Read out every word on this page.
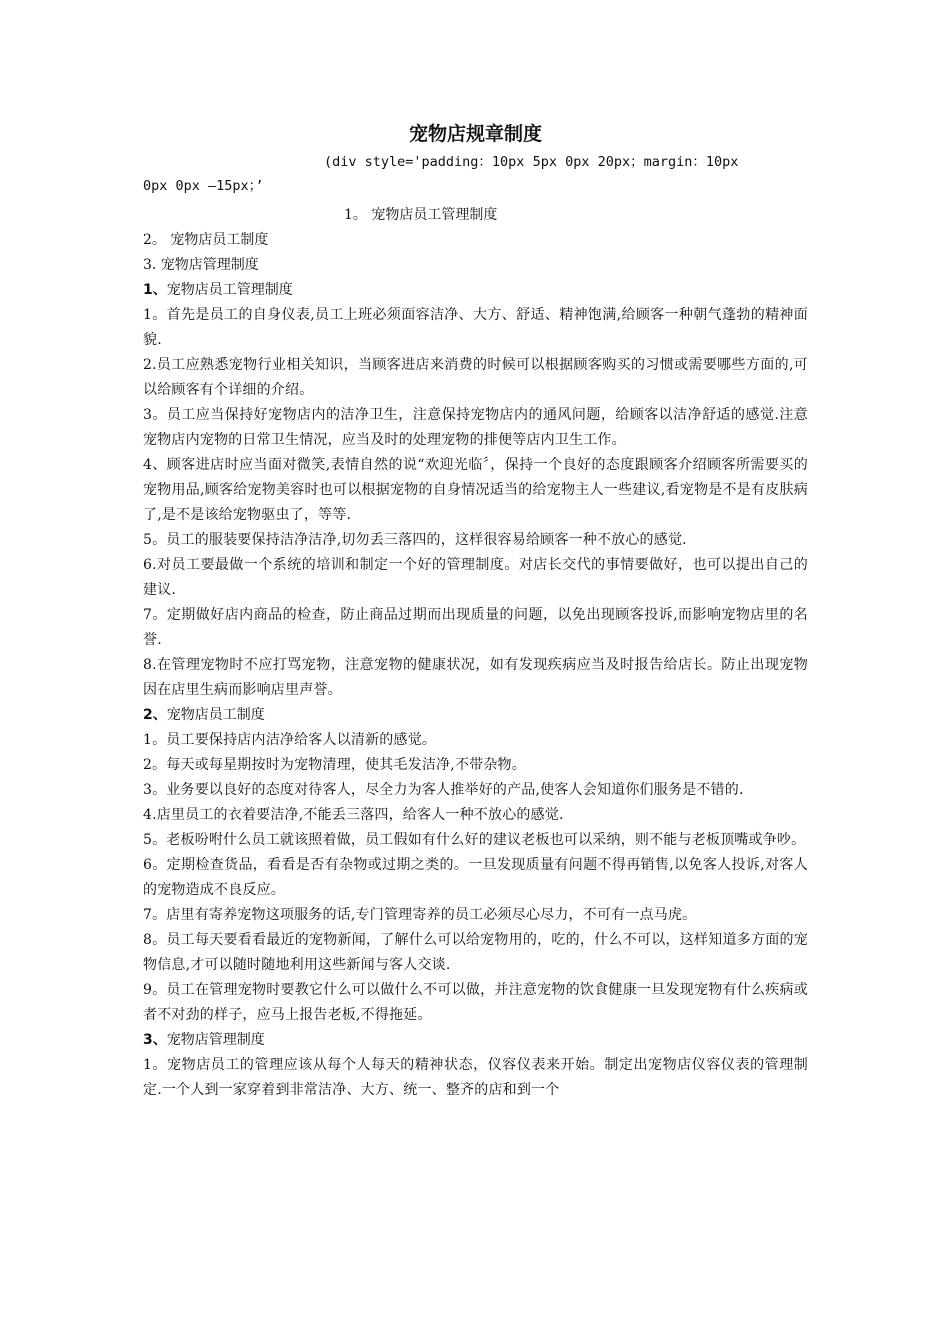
宠物店规章制度
(div style='padding：10px 5px 0px 20px；margin：10px
0px 0px —15px；’
1。 宠物店员工管理制度
2。 宠物店员工制度
3. 宠物店管理制度
1、宠物店员工管理制度
1。首先是员工的自身仪表,员工上班必须面容洁净、大方、舒适、精神饱满,给顾客一种朝气蓬勃的精神面貌.
2.员工应熟悉宠物行业相关知识，当顾客进店来消费的时候可以根据顾客购买的习惯或需要哪些方面的,可以给顾客有个详细的介绍。
3。员工应当保持好宠物店内的洁净卫生，注意保持宠物店内的通风问题，给顾客以洁净舒适的感觉.注意宠物店内宠物的日常卫生情况，应当及时的处理宠物的排便等店内卫生工作。
4、顾客进店时应当面对微笑,表情自然的说“欢迎光临〞，保持一个良好的态度跟顾客介绍顾客所需要买的宠物用品,顾客给宠物美容时也可以根据宠物的自身情况适当的给宠物主人一些建议,看宠物是不是有皮肤病了,是不是该给宠物驱虫了，等等.
5。员工的服装要保持洁净洁净,切勿丢三落四的，这样很容易给顾客一种不放心的感觉.
6.对员工要最做一个系统的培训和制定一个好的管理制度。对店长交代的事情要做好，也可以提出自己的建议.
7。定期做好店内商品的检查，防止商品过期而出现质量的问题，以免出现顾客投诉,而影响宠物店里的名誉.
8.在管理宠物时不应打骂宠物，注意宠物的健康状况，如有发现疾病应当及时报告给店长。防止出现宠物因在店里生病而影响店里声誉。
2、宠物店员工制度
1。员工要保持店内洁净给客人以清新的感觉。
2。每天或每星期按时为宠物清理，使其毛发洁净,不带杂物。
3。业务要以良好的态度对待客人，尽全力为客人推举好的产品,使客人会知道你们服务是不错的.
4.店里员工的衣着要洁净,不能丢三落四，给客人一种不放心的感觉.
5。老板吩咐什么员工就该照着做，员工假如有什么好的建议老板也可以采纳，则不能与老板顶嘴或争吵。
6。定期检查货品，看看是否有杂物或过期之类的。一旦发现质量有问题不得再销售,以免客人投诉,对客人的宠物造成不良反应。
7。店里有寄养宠物这项服务的话,专门管理寄养的员工必须尽心尽力，不可有一点马虎。
8。员工每天要看看最近的宠物新闻，了解什么可以给宠物用的，吃的，什么不可以，这样知道多方面的宠物信息,才可以随时随地利用这些新闻与客人交谈.
9。员工在管理宠物时要教它什么可以做什么不可以做，并注意宠物的饮食健康一旦发现宠物有什么疾病或者不对劲的样子，应马上报告老板,不得拖延。
3、宠物店管理制度
1。宠物店员工的管理应该从每个人每天的精神状态，仪容仪表来开始。制定出宠物店仪容仪表的管理制定.一个人到一家穿着到非常洁净、大方、统一、整齐的店和到一个
